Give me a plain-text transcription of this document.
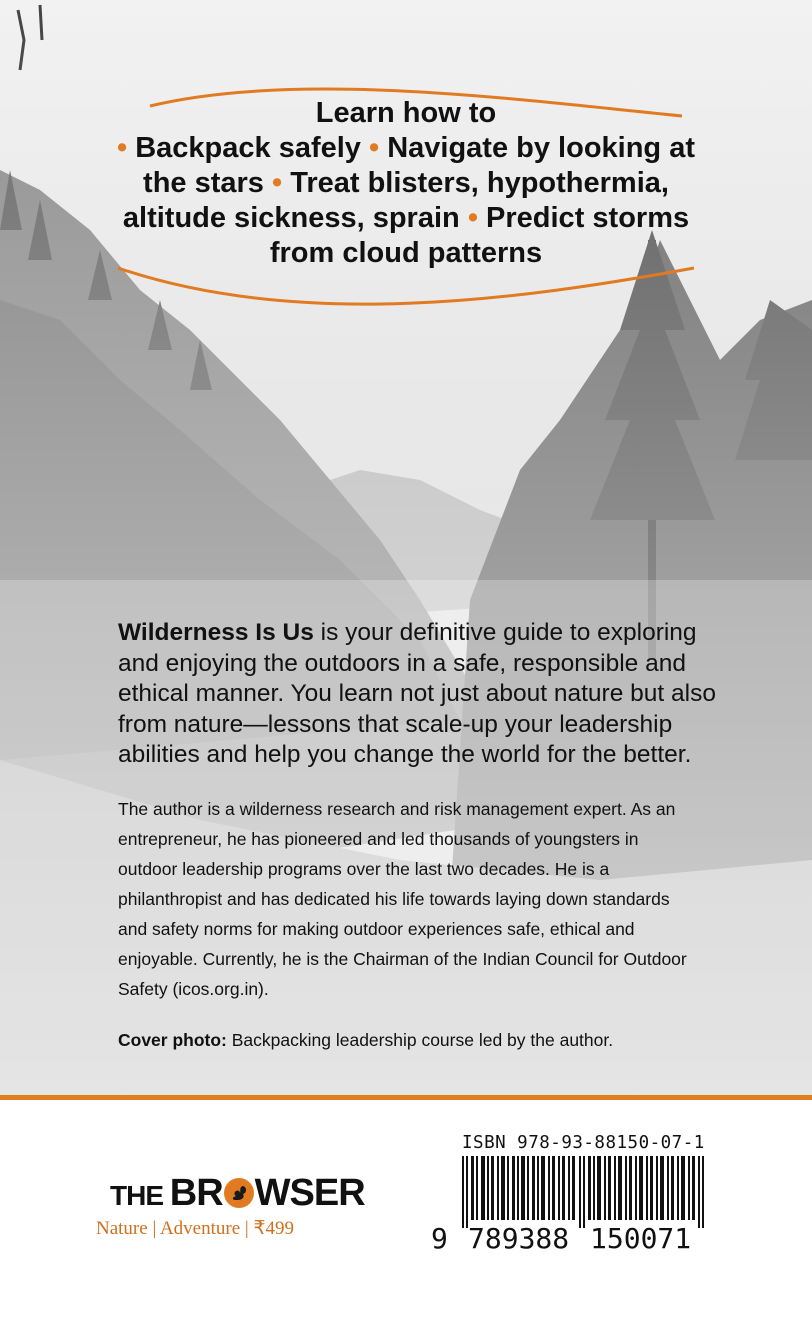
Learn how to
• Backpack safely • Navigate by looking at the stars • Treat blisters, hypothermia, altitude sickness, sprain • Predict storms from cloud patterns

Wilderness Is Us is your definitive guide to exploring and enjoying the outdoors in a safe, responsible and ethical manner. You learn not just about nature but also from nature—lessons that scale-up your leadership abilities and help you change the world for the better.

The author is a wilderness research and risk management expert. As an entrepreneur, he has pioneered and led thousands of youngsters in outdoor leadership programs over the last two decades. He is a philanthropist and has dedicated his life towards laying down standards and safety norms for making outdoor experiences safe, ethical and enjoyable. Currently, he is the Chairman of the Indian Council for Outdoor Safety (icos.org.in).

Cover photo: Backpacking leadership course led by the author.

THE BR WSER
Nature | Adventure | ₹499
ISBN 978-93-88150-07-1
9 789388 150071
